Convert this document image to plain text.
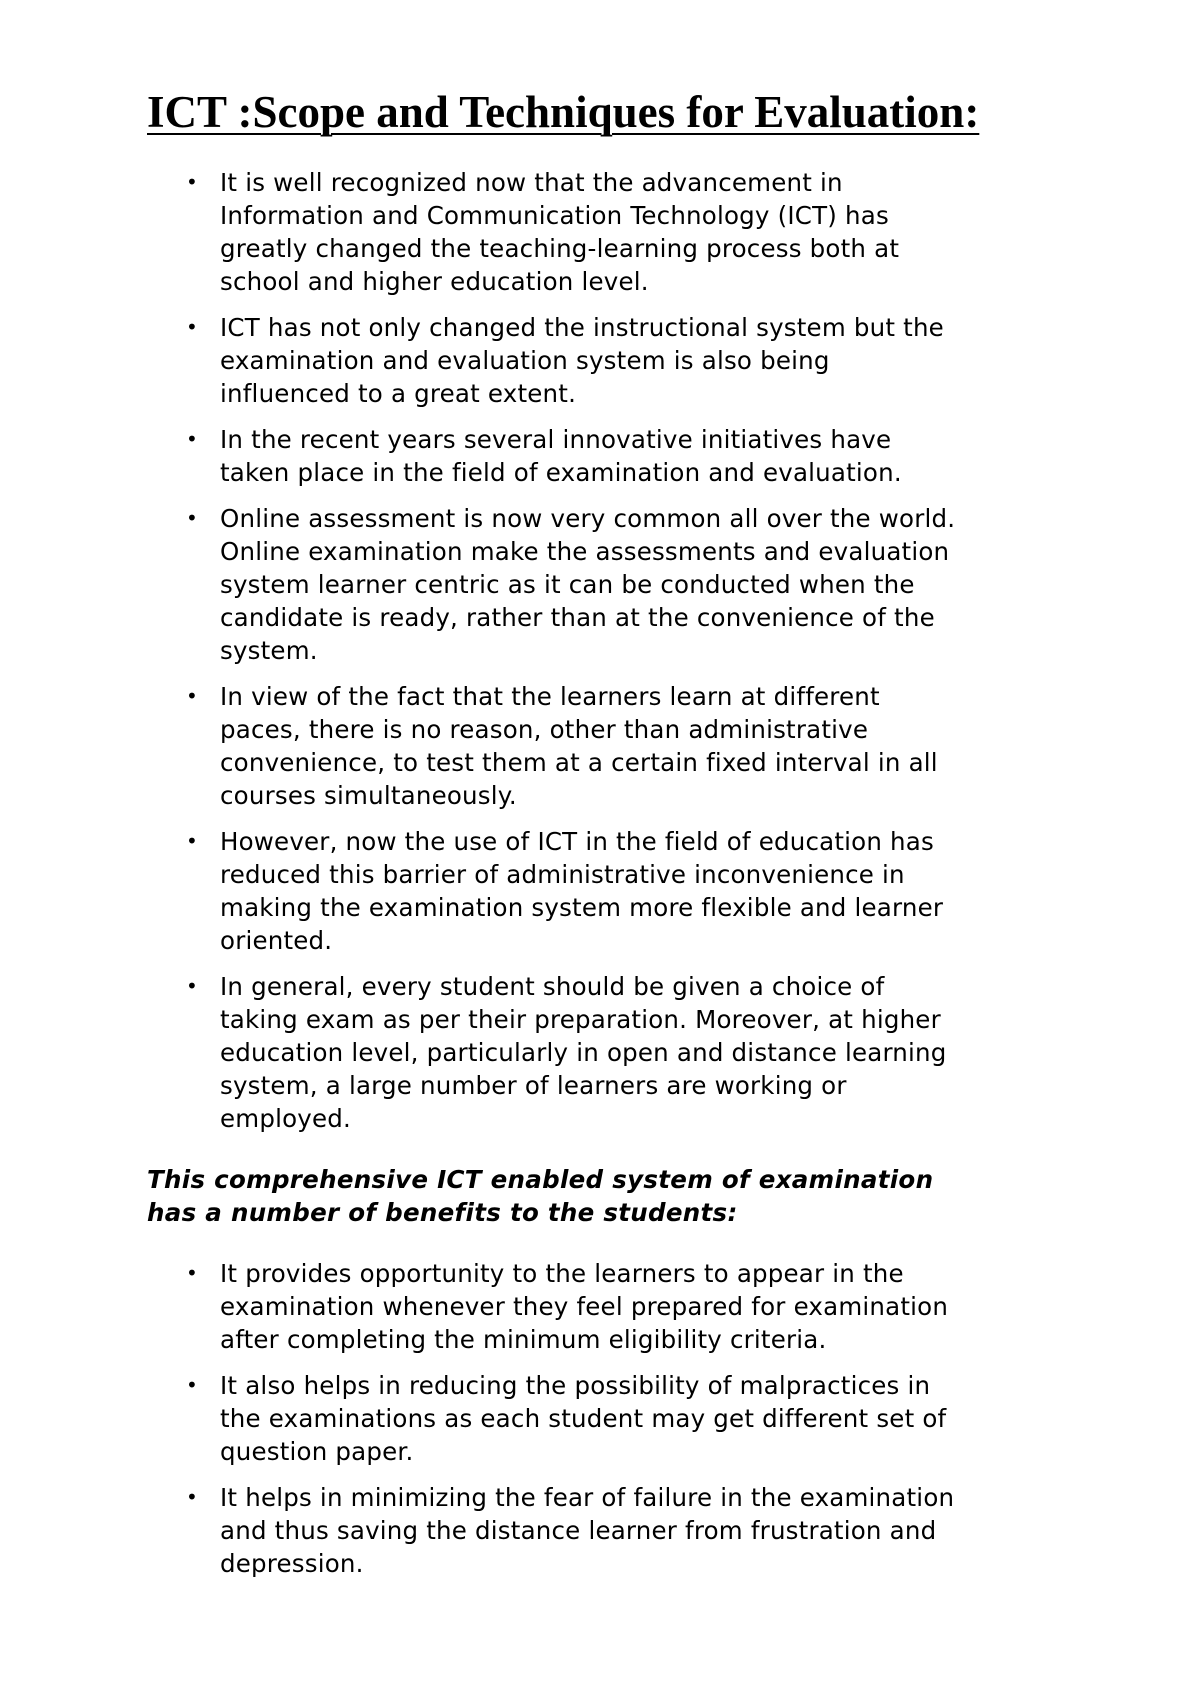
ICT :Scope and Techniques for Evaluation:
• It is well recognized now that the advancement in
Information and Communication Technology (ICT) has
greatly changed the teaching-learning process both at
school and higher education level.
• ICT has not only changed the instructional system but the
examination and evaluation system is also being
influenced to a great extent.
• In the recent years several innovative initiatives have
taken place in the field of examination and evaluation.
• Online assessment is now very common all over the world.
Online examination make the assessments and evaluation
system learner centric as it can be conducted when the
candidate is ready, rather than at the convenience of the
system.
• In view of the fact that the learners learn at different
paces, there is no reason, other than administrative
convenience, to test them at a certain fixed interval in all
courses simultaneously.
• However, now the use of ICT in the field of education has
reduced this barrier of administrative inconvenience in
making the examination system more flexible and learner
oriented.
• In general, every student should be given a choice of
taking exam as per their preparation. Moreover, at higher
education level, particularly in open and distance learning
system, a large number of learners are working or
employed.

This comprehensive ICT enabled system of examination
has a number of benefits to the students:

• It provides opportunity to the learners to appear in the
examination whenever they feel prepared for examination
after completing the minimum eligibility criteria.
• It also helps in reducing the possibility of malpractices in
the examinations as each student may get different set of
question paper.
• It helps in minimizing the fear of failure in the examination
and thus saving the distance learner from frustration and
depression.
